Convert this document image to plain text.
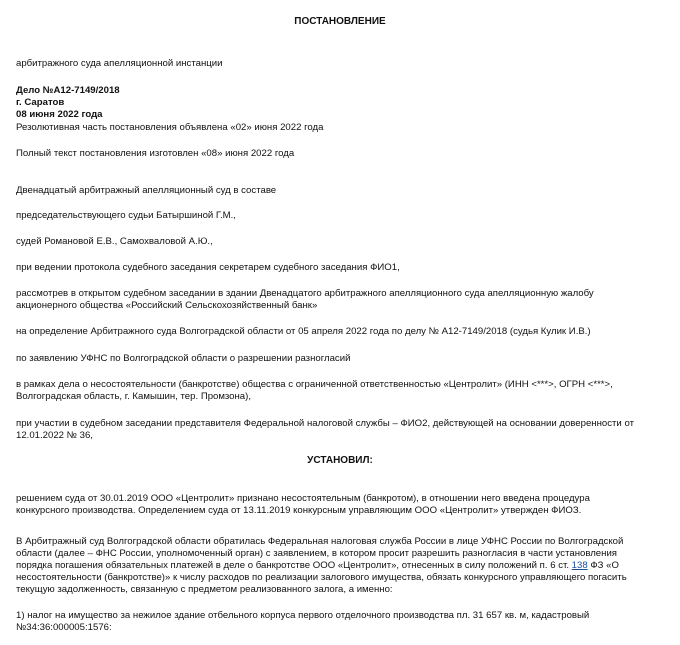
ПОСТАНОВЛЕНИЕ
арбитражного суда апелляционной инстанции
Дело №А12-7149/2018
г. Саратов
08 июня 2022 года
Резолютивная часть постановления объявлена «02» июня 2022 года
Полный текст постановления изготовлен «08» июня 2022 года
Двенадцатый арбитражный апелляционный суд в составе
председательствующего судьи Батыршиной Г.М.,
судей Романовой Е.В., Самохваловой А.Ю.,
при ведении протокола судебного заседания секретарем судебного заседания ФИО1,
рассмотрев в открытом судебном заседании в здании Двенадцатого арбитражного апелляционного суда апелляционную жалобу
акционерного общества «Российский Сельскохозяйственный банк»
на определение Арбитражного суда Волгоградской области от 05 апреля 2022 года по делу № А12-7149/2018 (судья Кулик И.В.)
по заявлению УФНС по Волгоградской области о разрешении разногласий
в рамках дела о несостоятельности (банкротстве) общества с ограниченной ответственностью «Центролит» (ИНН <***>, ОГРН <***>,
Волгоградская область, г. Камышин, тер. Промзона),
при участии в судебном заседании представителя Федеральной налоговой службы – ФИО2, действующей на основании доверенности от
12.01.2022 № 36,
УСТАНОВИЛ:
решением суда от 30.01.2019 ООО «Центролит» признано несостоятельным (банкротом), в отношении него введена процедура
конкурсного производства. Определением суда от 13.11.2019 конкурсным управляющим ООО «Центролит» утвержден ФИОЗ.
В Арбитражный суд Волгоградской области обратилась Федеральная налоговая служба России в лице УФНС России по Волгоградской
области (далее – ФНС России, уполномоченный орган) с заявлением, в котором просит разрешить разногласия в части установления
порядка погашения обязательных платежей в деле о банкротстве ООО «Центролит», отнесенных в силу положений п. 6 ст. 138 ФЗ «О
несостоятельности (банкротстве)» к числу расходов по реализации залогового имущества, обязать конкурсного управляющего погасить
текущую задолженность, связанную с предметом реализованного залога, а именно:
1) налог на имущество за нежилое здание отбельного корпуса первого отделочного производства пл. 31 657 кв. м, кадастровый
№34:36:000005:1576:
